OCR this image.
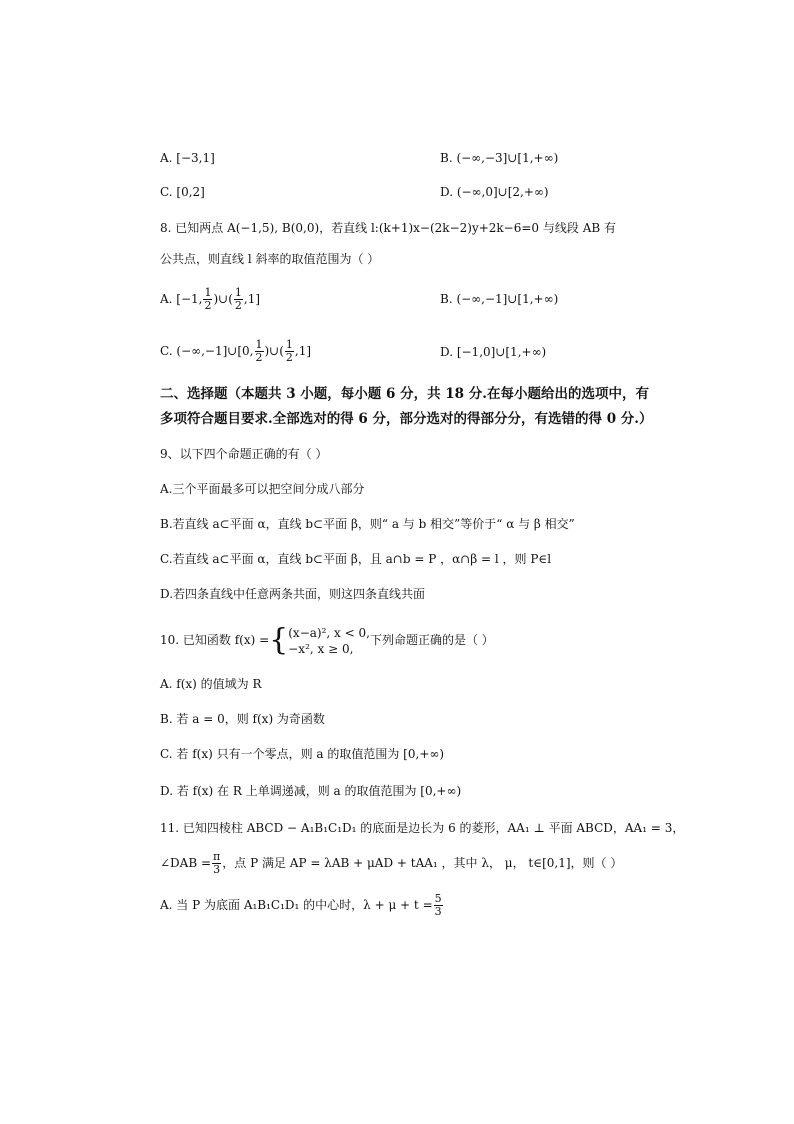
A. [−3,1]	B. (−∞,−3]∪[1,+∞)
C. [0,2]	D. (−∞,0]∪[2,+∞)
8. 已知两点 A(−1,5), B(0,0)，若直线 l:(k+1)x−(2k−2)y+2k−6=0 与线段 AB 有
公共点，则直线 l 斜率的取值范围为（ ）
A. [−1, $\frac{1}{2}$ )∪( $\frac{1}{2} ,1$]	B. (−∞,−1]∪[1,+∞)
C. (−∞,−1]∪[0, $\frac{1}{2}$ )∪( $\frac{1}{2} ,1$]	D. [−1,0]∪[1,+∞)
二、选择题（本题共 3 小题，每小题 6 分，共 18 分.在每小题给出的选项中，有
多项符合题目要求.全部选对的得 6 分，部分选对的得部分分，有选错的得 0 分.）
9、以下四个命题正确的有（ ）
A.三个平面最多可以把空间分成八部分
B.若直线 a⊂平面 α，直线 b⊂平面 β，则“ a 与 b 相交”等价于“ α 与 β 相交”
C.若直线 a⊂平面 α，直线 b⊂平面 β，且 a∩b = P ，α∩β = l ，则 P∈l
D.若四条直线中任意两条共面，则这四条直线共面
10. 已知函数 f(x) ={ (x−a)², x < 0,
−x², x ≥ 0,
下列命题正确的是（ ）
A. f(x) 的值域为 R
B. 若 a = 0，则 f(x) 为奇函数
C. 若 f(x) 只有一个零点，则 a 的取值范围为 [0,+∞)
D. 若 f(x) 在 R 上单调递减，则 a 的取值范围为 [0,+∞)
11. 已知四棱柱 ABCD − A₁B₁C₁D₁ 的底面是边长为 6 的菱形，AA₁ ⊥ 平面 ABCD，AA₁ = 3，
∠DAB = $\frac{\pi}{3}$ ，点 P 满足 AP = λAB + μAD + tAA₁ ，其中 λ， μ， t∈[0,1]，则（ ）
A. 当 P 为底面 A₁B₁C₁D₁ 的中心时，$\lambda + \mu + t = \frac{5}{3}$
